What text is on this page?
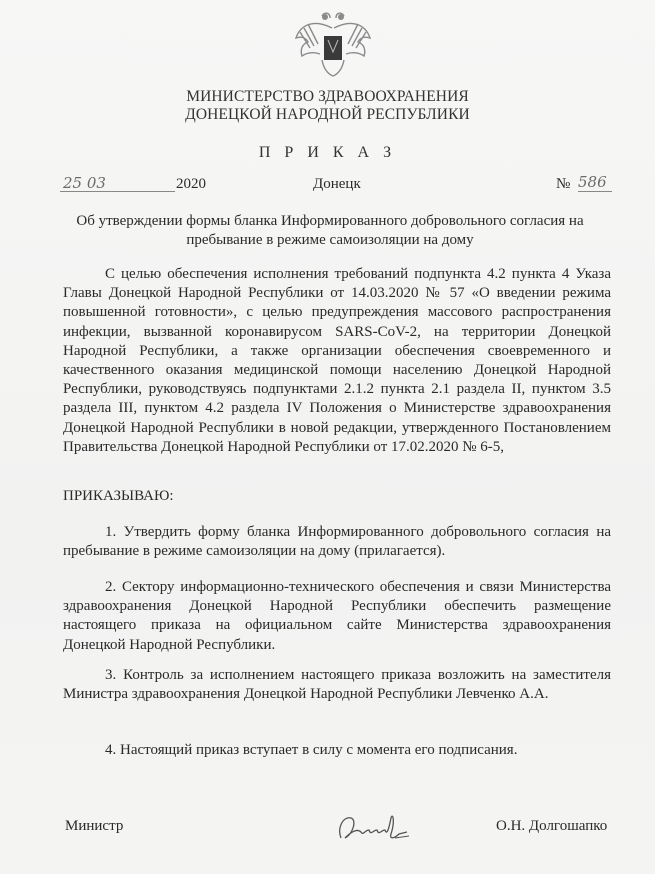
МИНИСТЕРСТВО ЗДРАВООХРАНЕНИЯ
ДОНЕЦКОЙ НАРОДНОЙ РЕСПУБЛИКИ
П Р И К А З
25 03	2020	Донецк	№ 586
Об утверждении формы бланка Информированного добровольного согласия на пребывание в режиме самоизоляции на дому
С целью обеспечения исполнения требований подпункта 4.2 пункта 4 Указа Главы Донецкой Народной Республики от 14.03.2020 № 57 «О введении режима повышенной готовности», с целью предупреждения массового распространения инфекции, вызванной коронавирусом SARS-CoV-2, на территории Донецкой Народной Республики, а также организации обеспечения своевременного и качественного оказания медицинской помощи населению Донецкой Народной Республики, руководствуясь подпунктами 2.1.2 пункта 2.1 раздела II, пунктом 3.5 раздела III, пунктом 4.2 раздела IV Положения о Министерстве здравоохранения Донецкой Народной Республики в новой редакции, утвержденного Постановлением Правительства Донецкой Народной Республики от 17.02.2020 № 6-5,
ПРИКАЗЫВАЮ:
1. Утвердить форму бланка Информированного добровольного согласия на пребывание в режиме самоизоляции на дому (прилагается).
2. Сектору информационно-технического обеспечения и связи Министерства здравоохранения Донецкой Народной Республики обеспечить размещение настоящего приказа на официальном сайте Министерства здравоохранения Донецкой Народной Республики.
3. Контроль за исполнением настоящего приказа возложить на заместителя Министра здравоохранения Донецкой Народной Республики Левченко А.А.
4. Настоящий приказ вступает в силу с момента его подписания.
Министр	О.Н. Долгошапко
